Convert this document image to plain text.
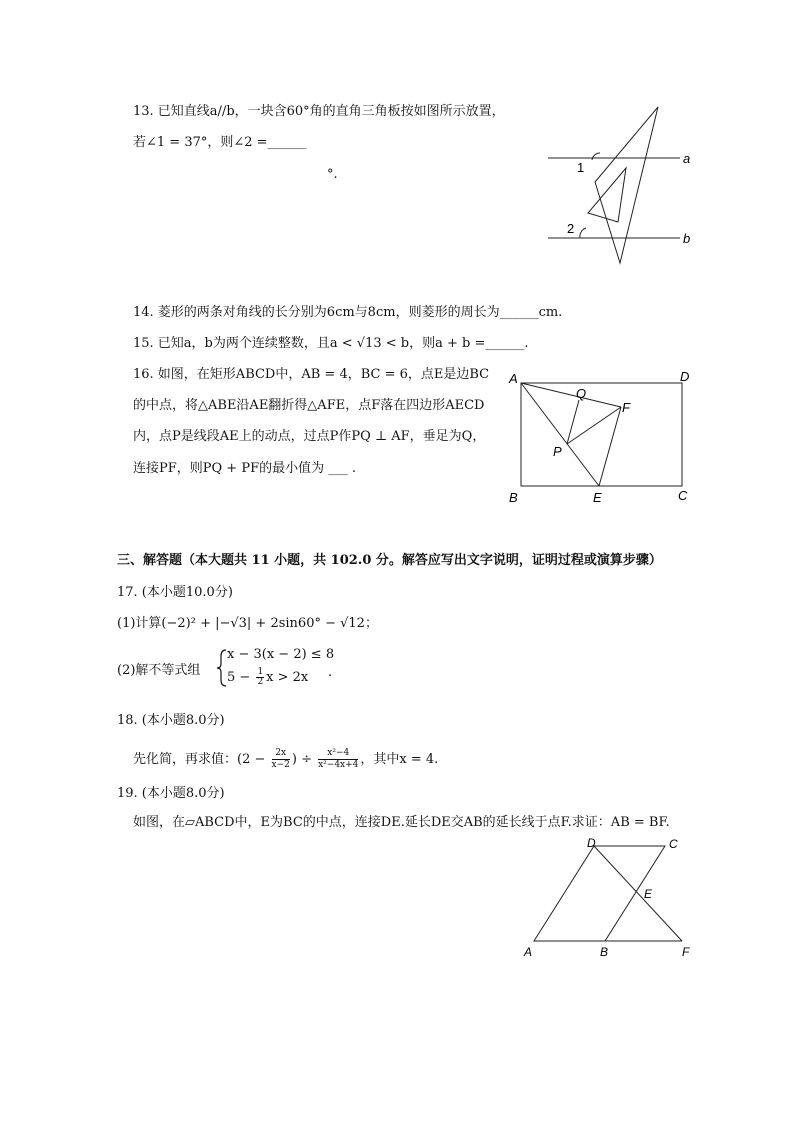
13. 已知直线a//b，一块含60°角的直角三角板按如图所示放置，
若∠1 = 37°，则∠2 =______
°.
a
b
1
2
14. 菱形的两条对角线的长分别为6cm与8cm，则菱形的周长为______cm.
15. 已知a，b为两个连续整数，且a < √13 < b，则a + b =______.
16. 如图，在矩形ABCD中，AB = 4，BC = 6，点E是边BC
的中点，将△ABE沿AE翻折得△AFE，点F落在四边形AECD
内，点P是线段AE上的动点，过点P作PQ ⊥ AF，垂足为Q，
连接PF，则PQ + PF的最小值为 ___ .
A	D
B	E	C
Q
F
P
三、解答题（本大题共 11 小题，共 102.0 分。解答应写出文字说明，证明过程或演算步骤）
17. (本小题10.0分)
(1)计算(−2)² + |−√3| + 2sin60° − √12；
(2)解不等式组
x − 3(x − 2) ≤ 8
$5 - \frac{1}{2}$ x > 2x .
18. (本小题8.0分)
先化简，再求值：($2 - \frac{2x}{x-2}$ ) ÷ $\frac{\text{x²−4}}{\text{x²−4x+4}}$ ，其中x = 4.
19. (本小题8.0分)
如图，在▱ABCD中，E为BC的中点，连接DE.延长DE交AB的延长线于点F.求证：AB = BF.
D	C
E
A	B	F
